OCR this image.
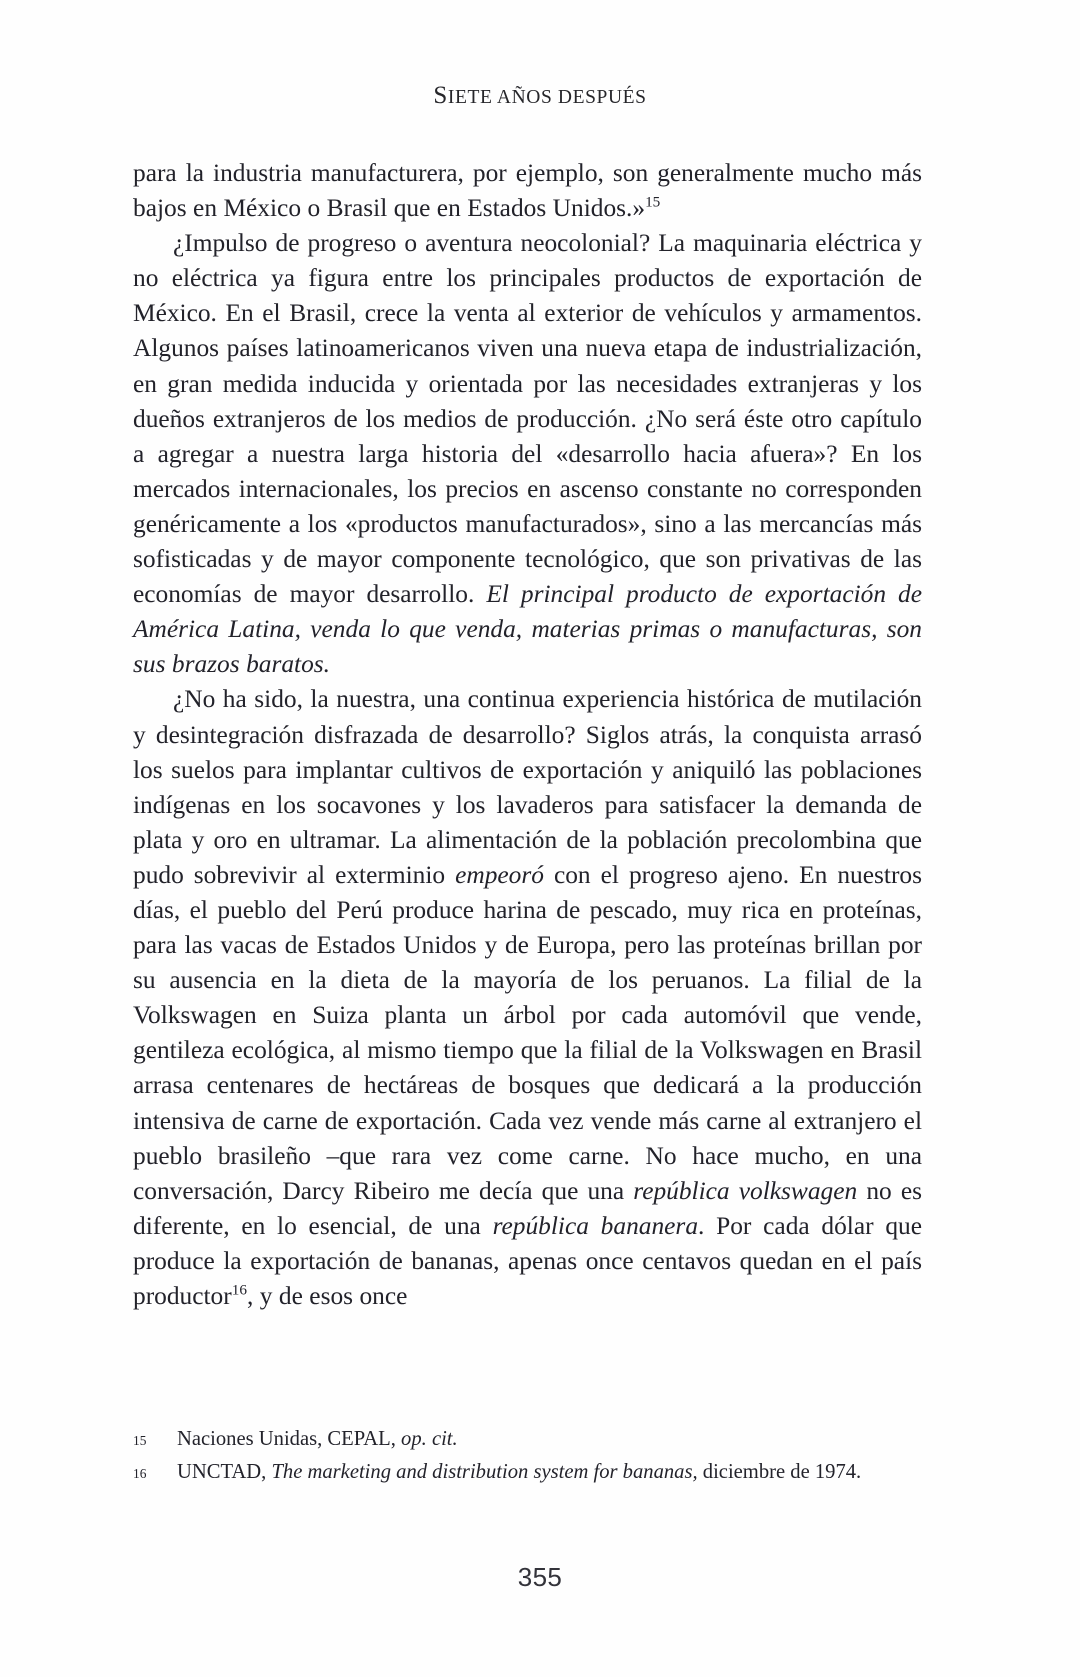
SIETE AÑOS DESPUÉS

para la industria manufacturera, por ejemplo, son generalmente mucho más bajos en México o Brasil que en Estados Unidos.»$^{15}$

¿Impulso de progreso o aventura neocolonial? La maquinaria eléctrica y no eléctrica ya figura entre los principales productos de exportación de México. En el Brasil, crece la venta al exterior de vehículos y armamentos. Algunos países latinoamericanos viven una nueva etapa de industrialización, en gran medida inducida y orientada por las necesidades extranjeras y los dueños extranjeros de los medios de producción. ¿No será éste otro capítulo a agregar a nuestra larga historia del «desarrollo hacia afuera»? En los mercados internacionales, los precios en ascenso constante no corresponden genéricamente a los «productos manufacturados», sino a las mercancías más sofisticadas y de mayor componente tecnológico, que son privativas de las economías de mayor desarrollo. El principal producto de exportación de América Latina, venda lo que venda, materias primas o manufacturas, son sus brazos baratos.

¿No ha sido, la nuestra, una continua experiencia histórica de mutilación y desintegración disfrazada de desarrollo? Siglos atrás, la conquista arrasó los suelos para implantar cultivos de exportación y aniquiló las poblaciones indígenas en los socavones y los lavaderos para satisfacer la demanda de plata y oro en ultramar. La alimentación de la población precolombina que pudo sobrevivir al exterminio empeoró con el progreso ajeno. En nuestros días, el pueblo del Perú produce harina de pescado, muy rica en proteínas, para las vacas de Estados Unidos y de Europa, pero las proteínas brillan por su ausencia en la dieta de la mayoría de los peruanos. La filial de la Volkswagen en Suiza planta un árbol por cada automóvil que vende, gentileza ecológica, al mismo tiempo que la filial de la Volkswagen en Brasil arrasa centenares de hectáreas de bosques que dedicará a la producción intensiva de carne de exportación. Cada vez vende más carne al extranjero el pueblo brasileño –que rara vez come carne. No hace mucho, en una conversación, Darcy Ribeiro me decía que una república volkswagen no es diferente, en lo esencial, de una república bananera. Por cada dólar que produce la exportación de bananas, apenas once centavos quedan en el país productor$^{16}$, y de esos once

15	Naciones Unidas, CEPAL, op. cit.
16	UNCTAD, The marketing and distribution system for bananas, diciembre de 1974.
355
